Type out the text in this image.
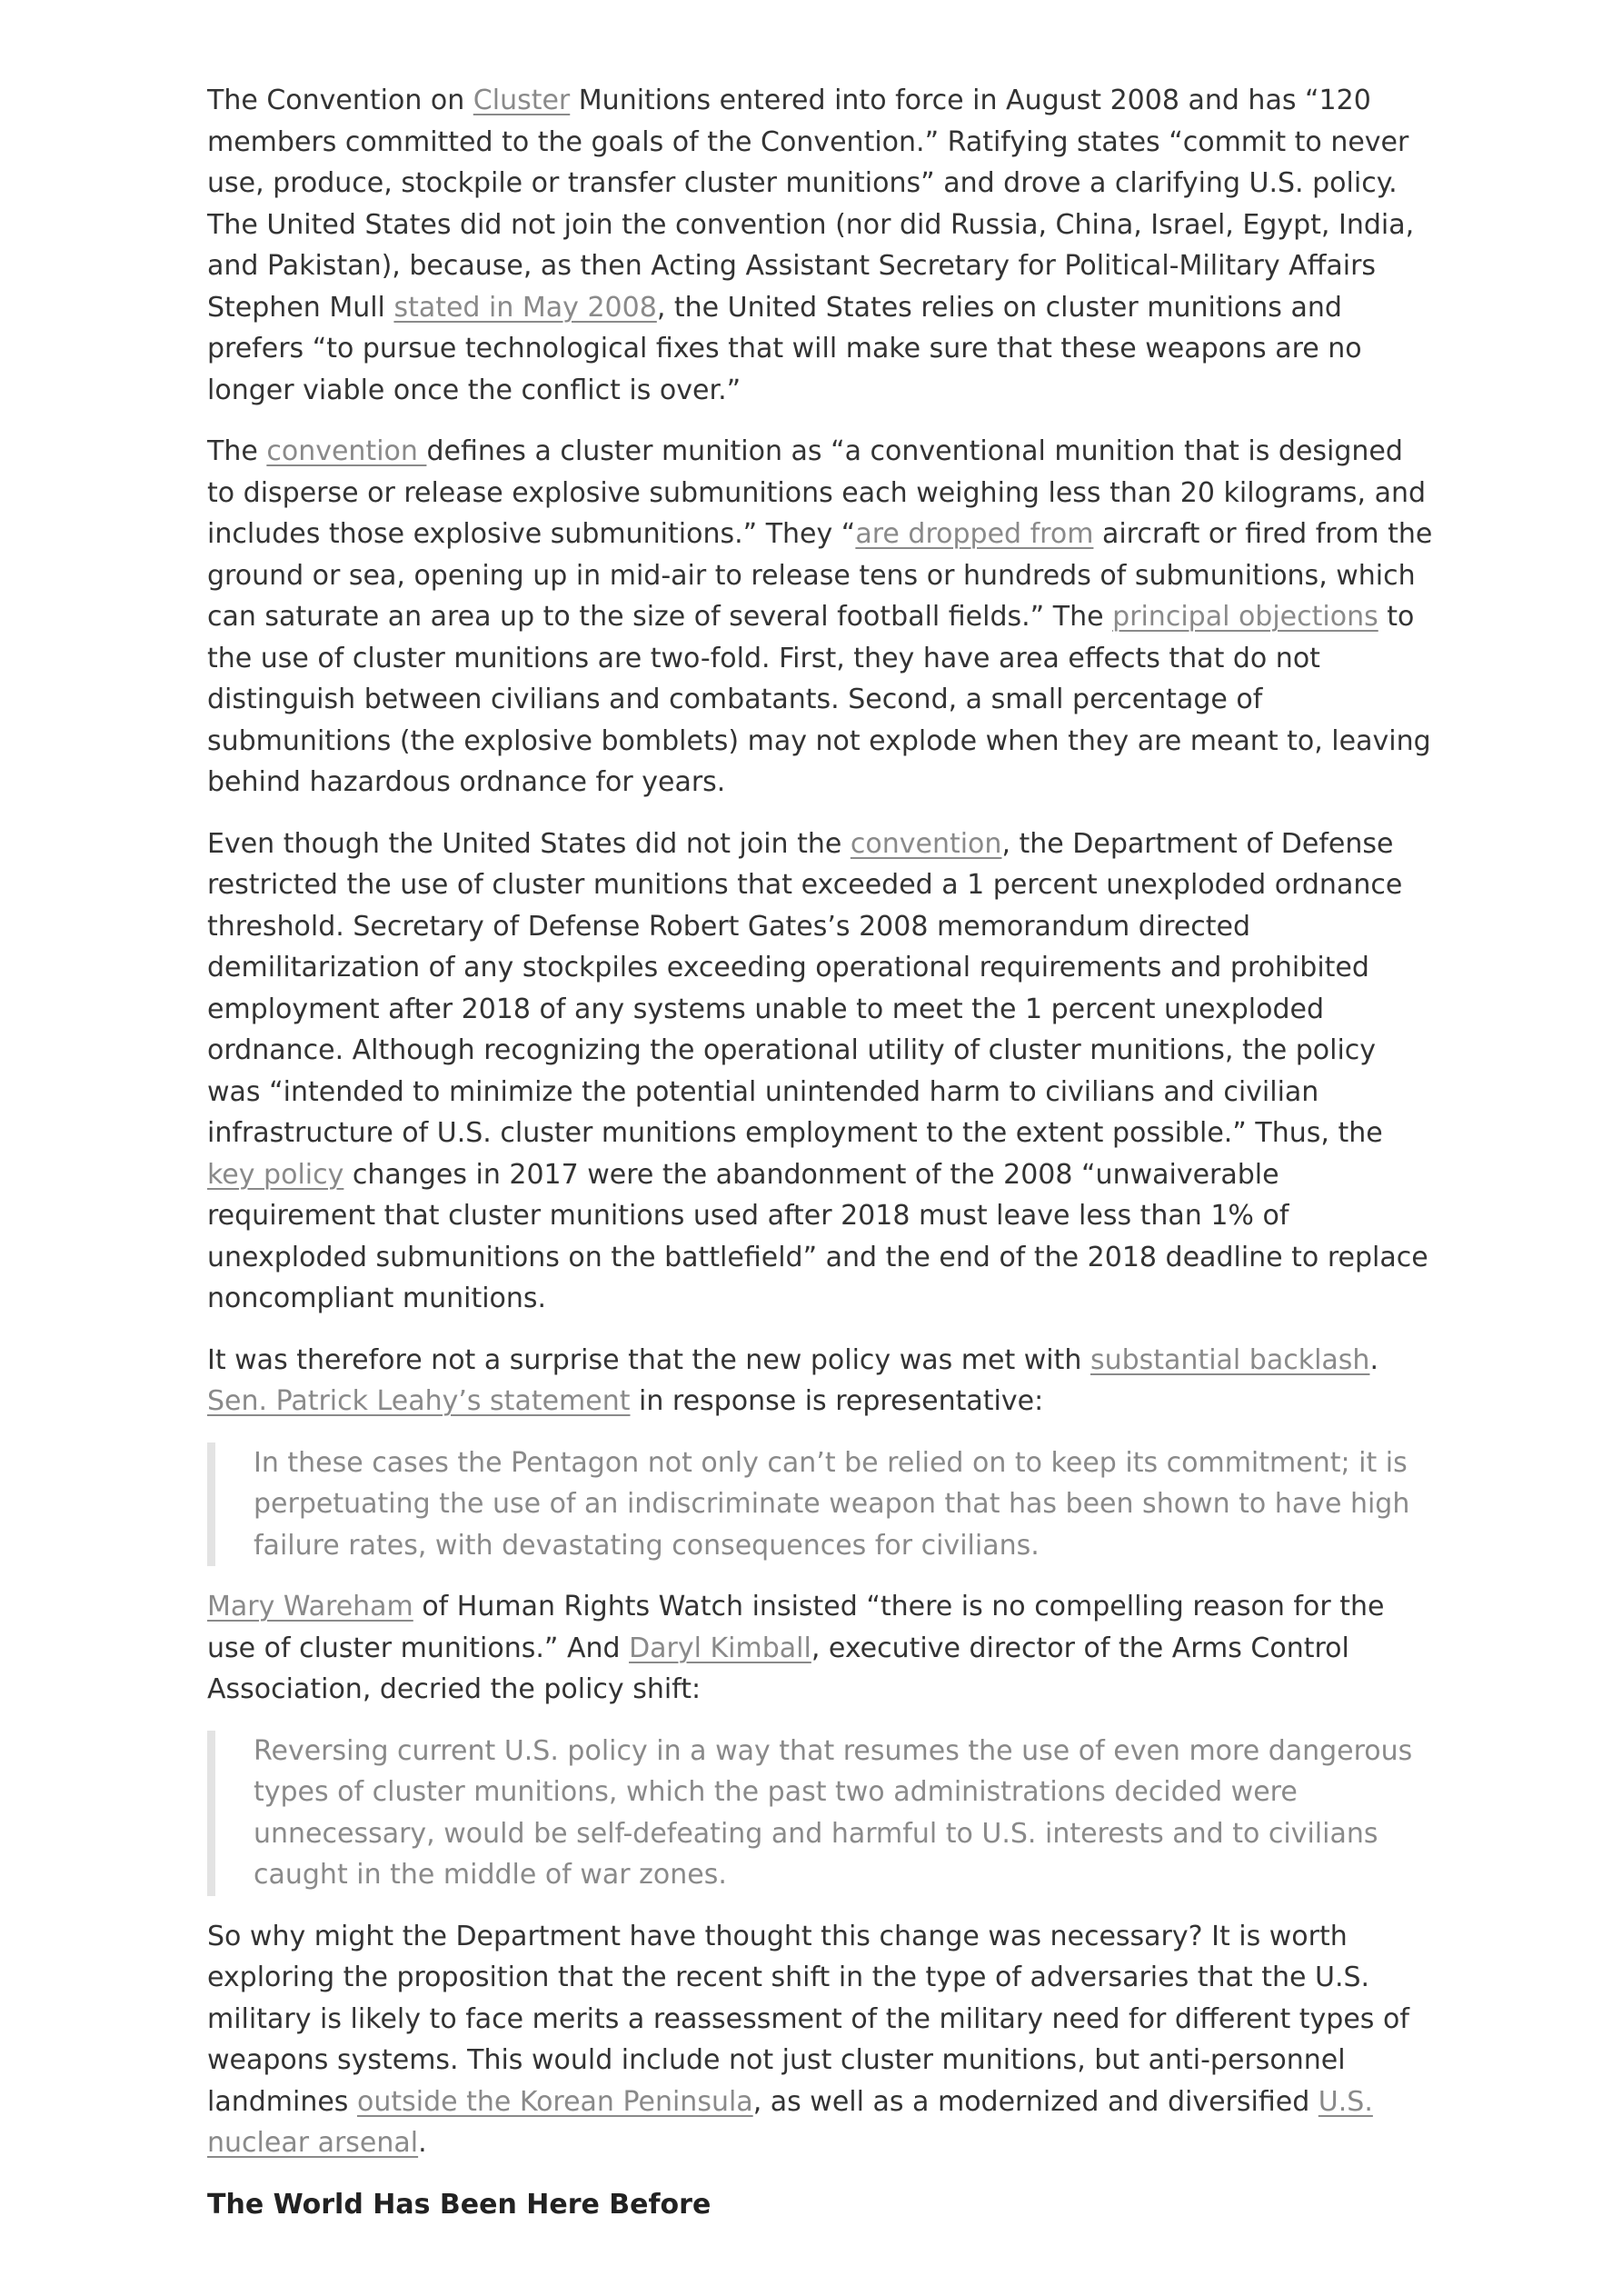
The Convention on Cluster Munitions entered into force in August 2008 and has “120 members committed to the goals of the Convention.” Ratifying states “commit to never use, produce, stockpile or transfer cluster munitions” and drove a clarifying U.S. policy. The United States did not join the convention (nor did Russia, China, Israel, Egypt, India, and Pakistan), because, as then Acting Assistant Secretary for Political-Military Affairs Stephen Mull stated in May 2008, the United States relies on cluster munitions and prefers “to pursue technological fixes that will make sure that these weapons are no longer viable once the conflict is over.”

The convention defines a cluster munition as “a conventional munition that is designed to disperse or release explosive submunitions each weighing less than 20 kilograms, and includes those explosive submunitions.” They “are dropped from aircraft or fired from the ground or sea, opening up in mid-air to release tens or hundreds of submunitions, which can saturate an area up to the size of several football fields.” The principal objections to the use of cluster munitions are two-fold. First, they have area effects that do not distinguish between civilians and combatants. Second, a small percentage of submunitions (the explosive bomblets) may not explode when they are meant to, leaving behind hazardous ordnance for years.

Even though the United States did not join the convention, the Department of Defense restricted the use of cluster munitions that exceeded a 1 percent unexploded ordnance threshold. Secretary of Defense Robert Gates’s 2008 memorandum directed demilitarization of any stockpiles exceeding operational requirements and prohibited employment after 2018 of any systems unable to meet the 1 percent unexploded ordnance. Although recognizing the operational utility of cluster munitions, the policy was “intended to minimize the potential unintended harm to civilians and civilian infrastructure of U.S. cluster munitions employment to the extent possible.” Thus, the key policy changes in 2017 were the abandonment of the 2008 “unwaiverable requirement that cluster munitions used after 2018 must leave less than 1% of unexploded submunitions on the battlefield” and the end of the 2018 deadline to replace noncompliant munitions.

It was therefore not a surprise that the new policy was met with substantial backlash. Sen. Patrick Leahy’s statement in response is representative:

In these cases the Pentagon not only can’t be relied on to keep its commitment; it is perpetuating the use of an indiscriminate weapon that has been shown to have high failure rates, with devastating consequences for civilians.

Mary Wareham of Human Rights Watch insisted “there is no compelling reason for the use of cluster munitions.” And Daryl Kimball, executive director of the Arms Control Association, decried the policy shift:

Reversing current U.S. policy in a way that resumes the use of even more dangerous types of cluster munitions, which the past two administrations decided were unnecessary, would be self-defeating and harmful to U.S. interests and to civilians caught in the middle of war zones.

So why might the Department have thought this change was necessary? It is worth exploring the proposition that the recent shift in the type of adversaries that the U.S. military is likely to face merits a reassessment of the military need for different types of weapons systems. This would include not just cluster munitions, but anti-personnel landmines outside the Korean Peninsula, as well as a modernized and diversified U.S. nuclear arsenal.

The World Has Been Here Before
